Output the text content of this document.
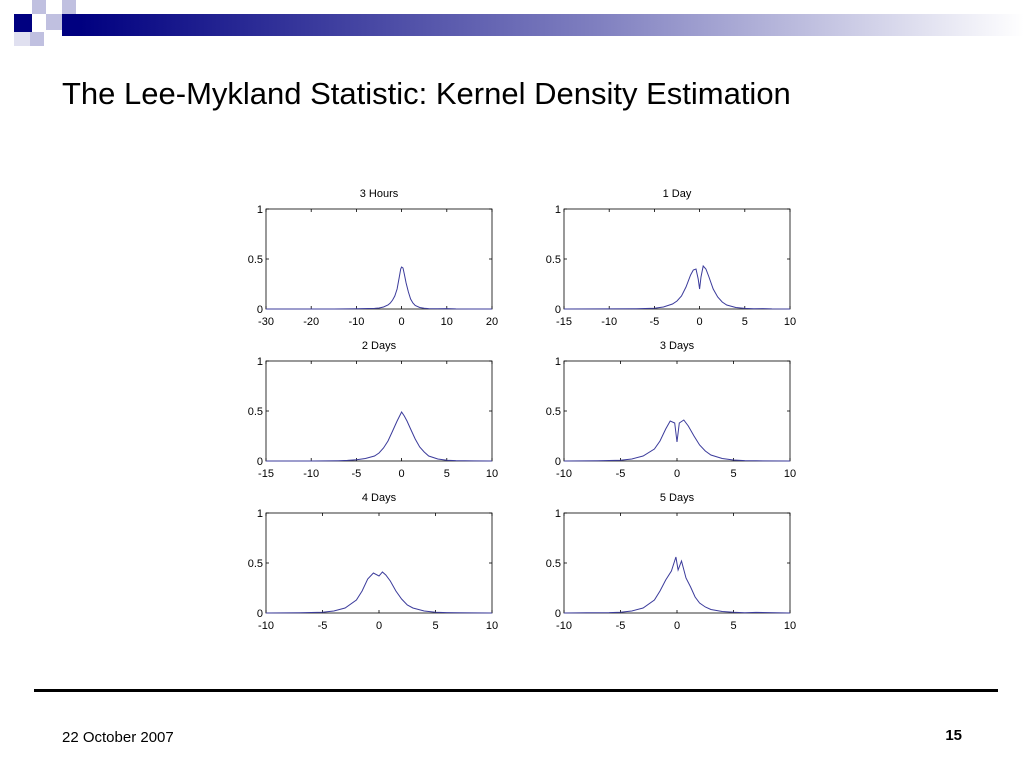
The Lee-Mykland Statistic: Kernel Density Estimation
3 Hours
-30	-20	-10	0	10	20
0
0.5
1
1 Day
-15	-10	-5	0	5	10
0
0.5
1
2 Days
-15	-10	-5	0	5	10
0
0.5
1
3 Days
-10	-5	0	5	10
0
0.5
1
4 Days
-10	-5	0	5	10
0
0.5
1
5 Days
-10	-5	0	5	10
0
0.5
1
22 October 2007	15
